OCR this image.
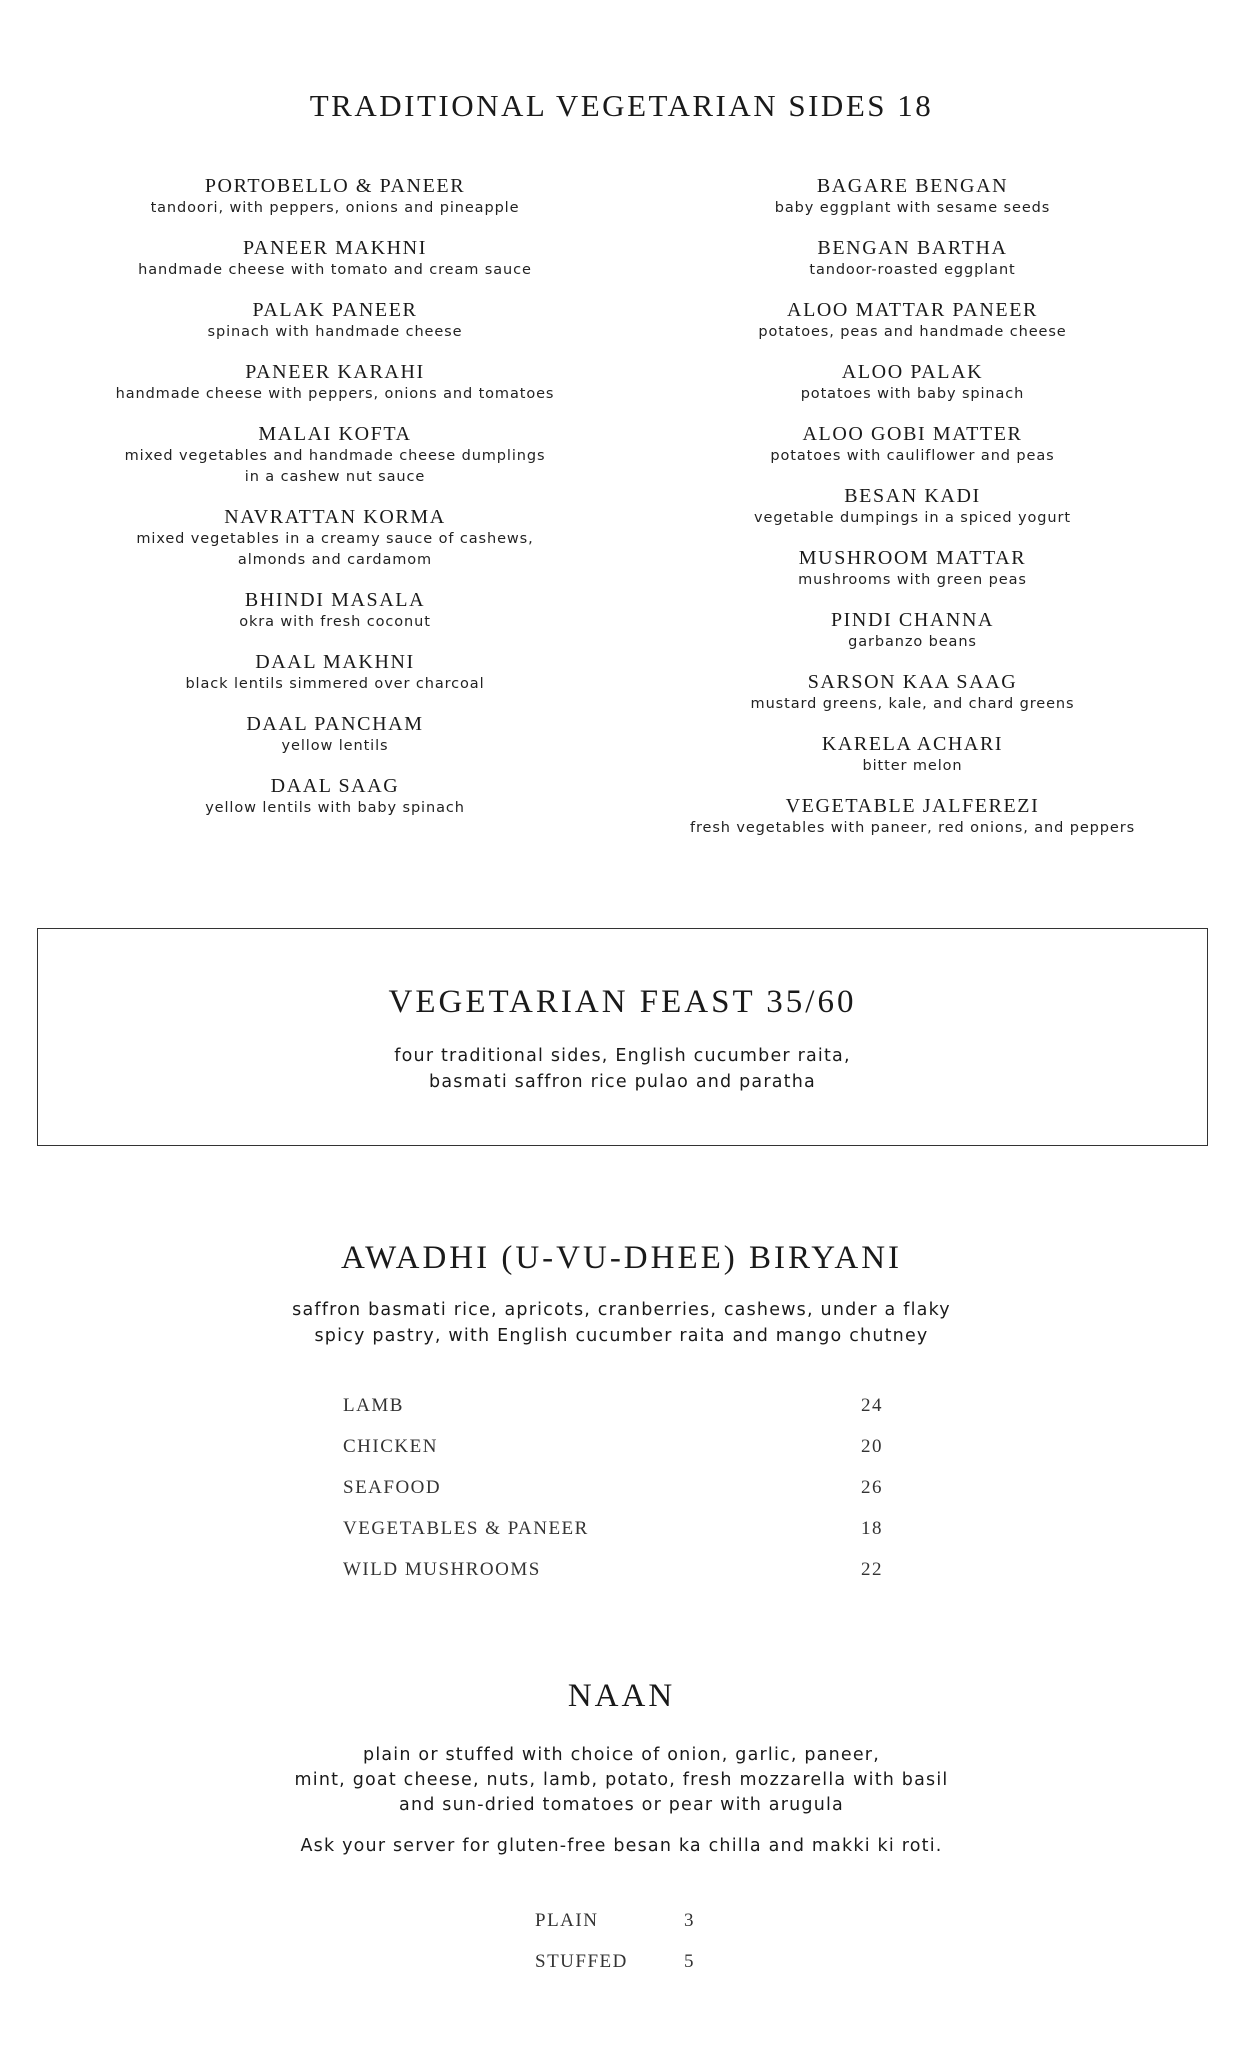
TRADITIONAL VEGETARIAN SIDES 18
PORTOBELLO & PANEER
tandoori, with peppers, onions and pineapple
PANEER MAKHNI
handmade cheese with tomato and cream sauce
PALAK PANEER
spinach with handmade cheese
PANEER KARAHI
handmade cheese with peppers, onions and tomatoes
MALAI KOFTA
mixed vegetables and handmade cheese dumplings
in a cashew nut sauce
NAVRATTAN KORMA
mixed vegetables in a creamy sauce of cashews,
almonds and cardamom
BHINDI MASALA
okra with fresh coconut
DAAL MAKHNI
black lentils simmered over charcoal
DAAL PANCHAM
yellow lentils
DAAL SAAG
yellow lentils with baby spinach
BAGARE BENGAN
baby eggplant with sesame seeds
BENGAN BARTHA
tandoor-roasted eggplant
ALOO MATTAR PANEER
potatoes, peas and handmade cheese
ALOO PALAK
potatoes with baby spinach
ALOO GOBI MATTER
potatoes with cauliflower and peas
BESAN KADI
vegetable dumpings in a spiced yogurt
MUSHROOM MATTAR
mushrooms with green peas
PINDI CHANNA
garbanzo beans
SARSON KAA SAAG
mustard greens, kale, and chard greens
KARELA ACHARI
bitter melon
VEGETABLE JALFEREZI
fresh vegetables with paneer, red onions, and peppers
VEGETARIAN FEAST 35/60
four traditional sides, English cucumber raita,
basmati saffron rice pulao and paratha
AWADHI (U-VU-DHEE) BIRYANI
saffron basmati rice, apricots, cranberries, cashews, under a flaky
spicy pastry, with English cucumber raita and mango chutney
LAMB	24
CHICKEN	20
SEAFOOD	26
VEGETABLES & PANEER	18
WILD MUSHROOMS	22
NAAN
plain or stuffed with choice of onion, garlic, paneer,
mint, goat cheese, nuts, lamb, potato, fresh mozzarella with basil
and sun-dried tomatoes or pear with arugula
Ask your server for gluten-free besan ka chilla and makki ki roti.
PLAIN	3
STUFFED	5
